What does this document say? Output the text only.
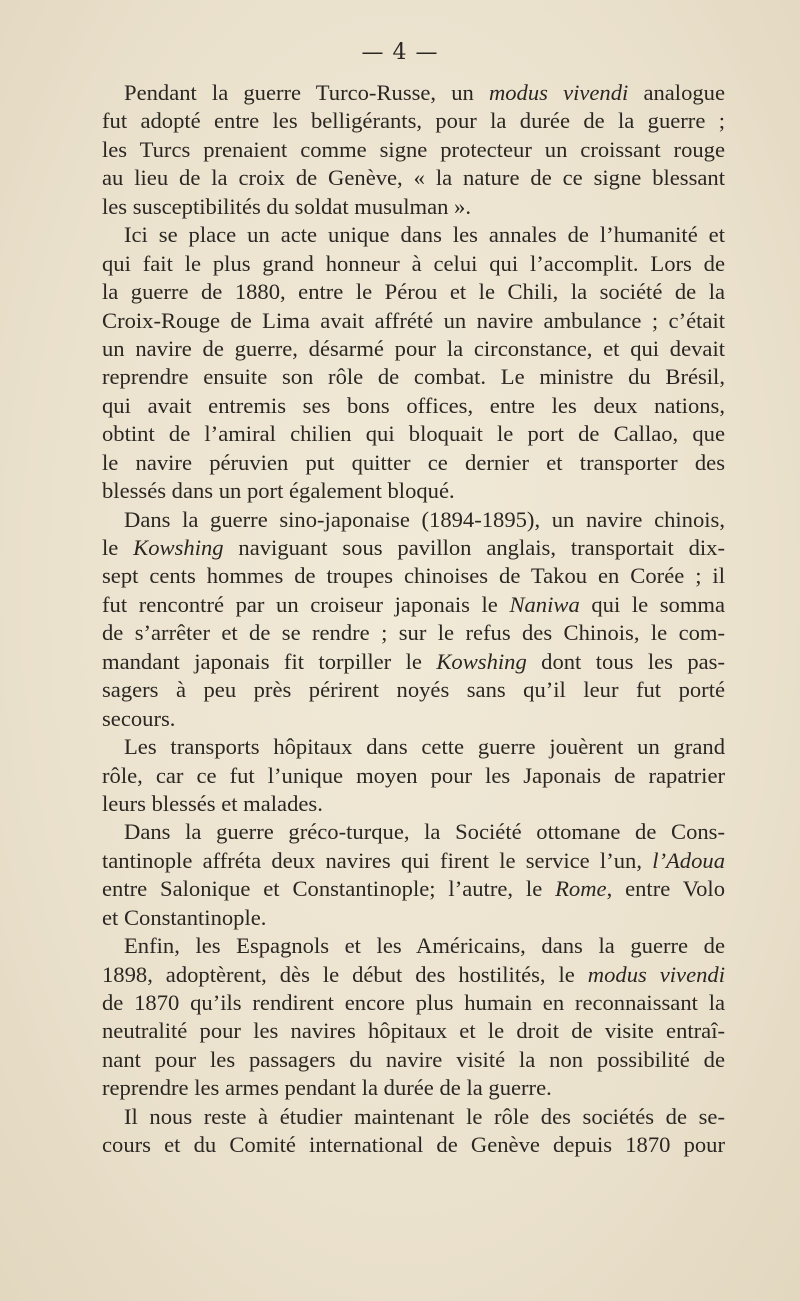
— 4 —
Pendant la guerre Turco-Russe, un modus vivendi analogue
fut adopté entre les belligérants, pour la durée de la guerre ;
les Turcs prenaient comme signe protecteur un croissant rouge
au lieu de la croix de Genève, « la nature de ce signe blessant
les susceptibilités du soldat musulman ».
Ici se place un acte unique dans les annales de l’humanité et
qui fait le plus grand honneur à celui qui l’accomplit. Lors de
la guerre de 1880, entre le Pérou et le Chili, la société de la
Croix-Rouge de Lima avait affrété un navire ambulance ; c’était
un navire de guerre, désarmé pour la circonstance, et qui devait
reprendre ensuite son rôle de combat. Le ministre du Brésil,
qui avait entremis ses bons offices, entre les deux nations,
obtint de l’amiral chilien qui bloquait le port de Callao, que
le navire péruvien put quitter ce dernier et transporter des
blessés dans un port également bloqué.
Dans la guerre sino-japonaise (1894-1895), un navire chinois,
le Kowshing naviguant sous pavillon anglais, transportait dix-
sept cents hommes de troupes chinoises de Takou en Corée ; il
fut rencontré par un croiseur japonais le Naniwa qui le somma
de s’arrêter et de se rendre ; sur le refus des Chinois, le com-
mandant japonais fit torpiller le Kowshing dont tous les pas-
sagers à peu près périrent noyés sans qu’il leur fut porté
secours.
Les transports hôpitaux dans cette guerre jouèrent un grand
rôle, car ce fut l’unique moyen pour les Japonais de rapatrier
leurs blessés et malades.
Dans la guerre gréco-turque, la Société ottomane de Cons-
tantinople affréta deux navires qui firent le service l’un, l’Adoua
entre Salonique et Constantinople; l’autre, le Rome, entre Volo
et Constantinople.
Enfin, les Espagnols et les Américains, dans la guerre de
1898, adoptèrent, dès le début des hostilités, le modus vivendi
de 1870 qu’ils rendirent encore plus humain en reconnaissant la
neutralité pour les navires hôpitaux et le droit de visite entraî-
nant pour les passagers du navire visité la non possibilité de
reprendre les armes pendant la durée de la guerre.
Il nous reste à étudier maintenant le rôle des sociétés de se-
cours et du Comité international de Genève depuis 1870 pour
